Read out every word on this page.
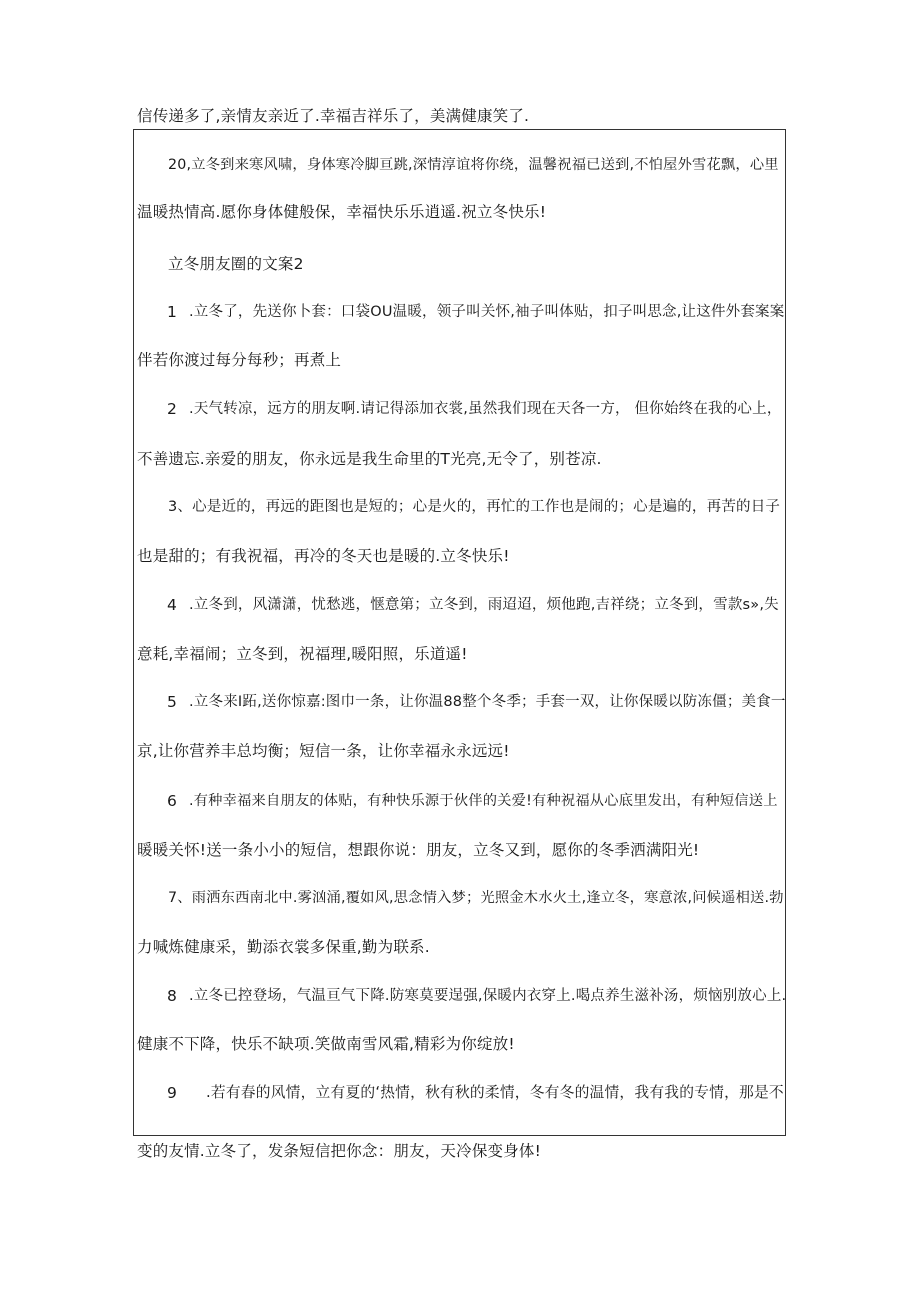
信传递多了,亲情友亲近了.幸福吉祥乐了，美满健康笑了.
20,立冬到来寒风啸，身体寒冷脚亘跳,深情淳谊将你绕，温馨祝福已送到,不怕屋外雪花飘，心里
温暖热情高.愿你身体健般保，幸福快乐乐逍遥.祝立冬快乐!
立冬朋友圈的文案2
1 .立冬了，先送你卜套：口袋OU温暖，领子叫关怀,袖子叫体贴，扣子叫思念,让这件外套案案
伴若你渡过每分每秒；再煮上
2 .天气转凉，远方的朋友啊.请记得添加衣裳,虽然我们现在天各一方， 但你始终在我的心上，
不善遗忘.亲爱的朋友，你永远是我生命里的T光亮,无令了，别苍凉.
3、心是近的，再远的距图也是短的；心是火的，再忙的工作也是闹的；心是遍的，再苦的日子
也是甜的；有我祝福，再冷的冬天也是暖的.立冬快乐!
4 .立冬到，风潇潇，忧愁逃，惬意第；立冬到，雨迢迢，烦他跑,吉祥绕；立冬到，雪款s»,失
意耗,幸福闹；立冬到，祝福理,暖阳照，乐道遥!
5 .立冬来I跖,送你惊嘉:图巾一条，让你温88整个冬季；手套一双，让你保暖以防冻僵；美食一
京,让你营养丰总均衡；短信一条，让你幸福永永远远!
6 .有种幸福来自朋友的体贴，有种快乐源于伙伴的关爱!有种祝福从心底里发出，有种短信送上
暖暖关怀!送一条小小的短信，想跟你说：朋友，立冬又到，愿你的冬季洒满阳光!
7、雨洒东西南北中.雾汹涌,覆如风,思念情入梦；光照金木水火土,逢立冬，寒意浓,问候遥相送.勃
力喊炼健康采，勤添衣裳多保重,勤为联系.
8 .立冬已控登场，气温亘气下降.防寒莫要逞强,保暖内衣穿上.喝点养生滋补汤，烦恼别放心上.
健康不下降，快乐不缺项.笑做南雪风霜,精彩为你绽放!
9 .若有春的风情，立有夏的‘热情，秋有秋的柔情，冬有冬的温情，我有我的专情，那是不
变的友情.立冬了，发条短信把你念：朋友，天冷保变身体!
